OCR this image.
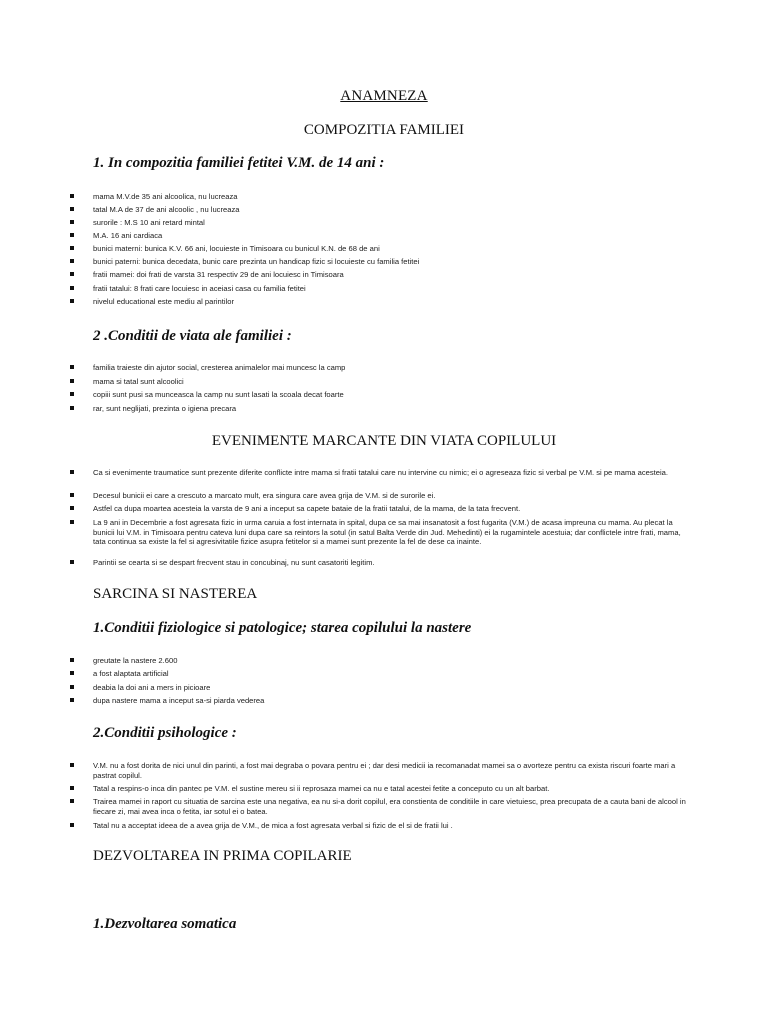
ANAMNEZA
COMPOZITIA FAMILIEI
1. In compozitia familiei fetitei V.M. de 14 ani :
mama M.V.de 35 ani alcoolica, nu lucreaza
tatal M.A de 37 de ani alcoolic , nu lucreaza
surorile : M.S 10 ani retard mintal
M.A. 16 ani cardiaca
bunici materni: bunica K.V. 66 ani, locuieste in Timisoara cu bunicul K.N. de 68 de ani
bunici paterni: bunica decedata, bunic care prezinta un handicap fizic si locuieste cu familia fetitei
fratii mamei: doi frati de varsta 31 respectiv 29 de ani locuiesc in Timisoara
fratii tatalui: 8 frati care locuiesc in aceiasi casa cu familia fetitei
nivelul educational este mediu al parintilor
2 .Conditii de viata ale familiei :
familia traieste din ajutor social, cresterea animalelor mai muncesc la camp
mama si tatal sunt alcoolici
copiii sunt pusi sa munceasca la camp nu sunt lasati la scoala decat foarte
rar, sunt neglijati, prezinta o igiena precara
EVENIMENTE MARCANTE DIN VIATA COPILULUI
Ca si evenimente traumatice sunt prezente diferite conflicte intre mama si fratii tatalui care nu intervine cu nimic; ei o agreseaza fizic si verbal pe V.M. si pe mama acesteia.
Decesul bunicii ei care a crescuto a marcato mult, era singura care avea grija de V.M. si de surorile ei.
Astfel ca dupa moartea acesteia la varsta de 9 ani a inceput sa capete bataie de la fratii tatalui, de la mama, de la tata frecvent.
La 9 ani in Decembrie a fost agresata fizic in urma caruia a fost internata in spital, dupa ce sa mai insanatosit a fost fugarita (V.M.) de acasa impreuna cu mama. Au plecat la bunicii lui V.M. in Timisoara pentru cateva luni dupa care sa reintors la sotul (in satul Balta Verde din Jud. Mehedinti) ei la rugamintele acestuia; dar conflictele intre frati, mama, tata continua sa existe la fel si agresivitatile fizice asupra fetitelor si a mamei sunt prezente la fel de dese ca inainte.
Parintii se cearta si se despart frecvent stau in concubinaj, nu sunt casatoriti legitim.
SARCINA SI NASTEREA
1.Conditii fiziologice si patologice; starea copilului la nastere
greutate la nastere 2.600
a fost alaptata artificial
deabia la doi ani a mers in picioare
dupa nastere mama a inceput sa-si piarda vederea
2.Conditii psihologice :
V.M. nu a fost dorita de nici unul din parinti, a fost mai degraba o povara pentru ei ; dar desi medicii ia recomanadat mamei sa o avorteze pentru ca exista riscuri foarte mari a pastrat copilul.
Tatal a respins-o inca din pantec pe V.M. el sustine mereu si ii reprosaza mamei ca nu e tatal acestei fetite a conceputo cu un alt barbat.
Trairea mamei in raport cu situatia de sarcina este una negativa, ea nu si-a dorit copilul, era constienta de conditiile in care vietuiesc, prea precupata de a cauta bani de alcool in fiecare zi, mai avea inca o fetita, iar sotul ei o batea.
Tatal nu a acceptat ideea de a avea grija de V.M., de mica a fost agresata verbal si fizic de el si de fratii lui .
DEZVOLTAREA IN PRIMA COPILARIE
1.Dezvoltarea somatica
